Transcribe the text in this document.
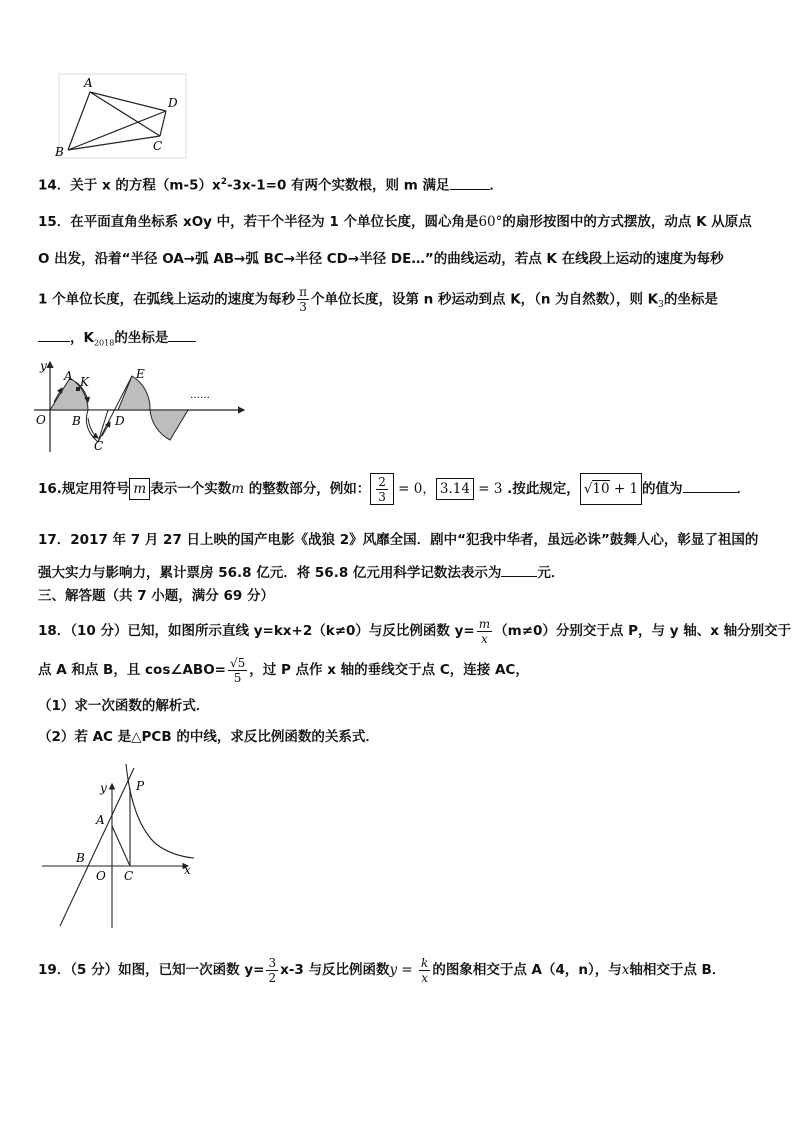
A
D
C
B
14．关于 x 的方程$(m-5)x^2-3x-1=0$ 有两个实数根，则 m 满足	．
15．在平面直角坐标系 xOy 中，若干个半径为 1 个单位长度，圆心角是60°的扇形按图中的方式摆放，动点 K 从原点
O 出发，沿着“半径 OA→弧 AB→弧 BC→半径 CD→半径 DE…”的曲线运动，若点 K 在线段上运动的速度为每秒
1 个单位长度，在弧线上运动的速度为每秒 $\frac{\pi}{3}$ 个单位长度，设第 n 秒运动到点 K，（n 为自然数），则 $K_3$的坐标是
，$K_{2018}$的坐标是
y
O
A K
B
C
D
E
……
16.规定用符号 m 表示一个实数m 的整数部分，例如： $\frac{2}{3} = 0$， 3.14 = 3 .按此规定， √10 + 1 的值为	．
17．2017 年 7 月 27 日上映的国产电影《战狼 2》风靡全国．剧中“犯我中华者，虽远必诛”鼓舞人心，彰显了祖国的
强大实力与影响力，累计票房 56.8 亿元．将 56.8 亿元用科学记数法表示为	元．
三、解答题（共 7 小题，满分 69 分）
18．（10 分）已知，如图所示直线 y=kx+2（k≠0）与反比例函数 $y= \frac{m}{x} (m\ne 0)$分别交于点 P，与 y 轴、x 轴分别交于
点 A 和点 B，且 cos∠ABO= $\frac{√5}{5}$ ，过 P 点作 x 轴的垂线交于点 C，连接 AC，
（1）求一次函数的解析式．
（2）若 AC 是△PCB 的中线，求反比例函数的关系式．
y P
A
B
O C	x
19．（5 分）如图，已知一次函数 $y= \frac{3}{2} x-3$ 与反比例函数$y = \frac{k}{x}$ 的图象相交于点 A（4，n），与x轴相交于点 B．
